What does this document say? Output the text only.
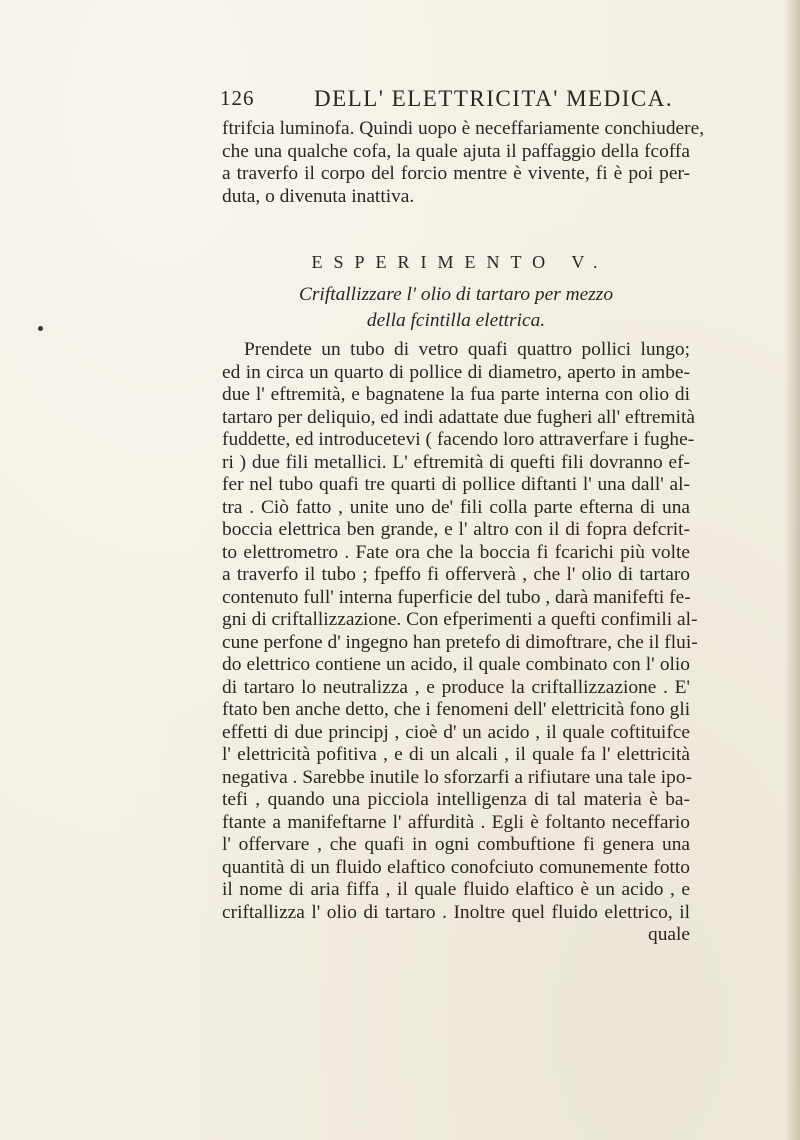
126	DELL' ELETTRICITA' MEDICA.
ftrifcia luminofa. Quindi uopo è neceffariamente conchiudere,
che una qualche cofa, la quale ajuta il paffaggio della fcoffa
a traverfo il corpo del forcio mentre è vivente, fi è poi per-
duta, o divenuta inattiva.
ESPERIMENTO V.
Criftallizzare l' olio di tartaro per mezzo
della fcintilla elettrica.
Prendete un tubo di vetro quafi quattro pollici lungo;
ed in circa un quarto di pollice di diametro, aperto in ambe-
due l' eftremità, e bagnatene la fua parte interna con olio di
tartaro per deliquio, ed indi adattate due fugheri all' eftremità
fuddette, ed introducetevi ( facendo loro attraverfare i fughe-
ri ) due fili metallici. L' eftremità di quefti fili dovranno ef-
fer nel tubo quafi tre quarti di pollice diftanti l' una dall' al-
tra . Ciò fatto , unite uno de' fili colla parte efterna di una
boccia elettrica ben grande, e l' altro con il di fopra defcrit-
to elettrometro . Fate ora che la boccia fi fcarichi più volte
a traverfo il tubo ; fpeffo fi offerverà , che l' olio di tartaro
contenuto full' interna fuperficie del tubo , darà manifefti fe-
gni di criftallizzazione. Con efperimenti a quefti confimili al-
cune perfone d' ingegno han pretefo di dimoftrare, che il flui-
do elettrico contiene un acido, il quale combinato con l' olio
di tartaro lo neutralizza , e produce la criftallizzazione . E'
ftato ben anche detto, che i fenomeni dell' elettricità fono gli
effetti di due principj , cioè d' un acido , il quale coftituifce
l' elettricità pofitiva , e di un alcali , il quale fa l' elettricità
negativa . Sarebbe inutile lo sforzarfi a rifiutare una tale ipo-
tefi , quando una picciola intelligenza di tal materia è ba-
ftante a manifeftarne l' affurdità . Egli è foltanto neceffario
l' offervare , che quafi in ogni combuftione fi genera una
quantità di un fluido elaftico conofciuto comunemente fotto
il nome di aria fiffa , il quale fluido elaftico è un acido , e
criftallizza l' olio di tartaro . Inoltre quel fluido elettrico, il
quale
